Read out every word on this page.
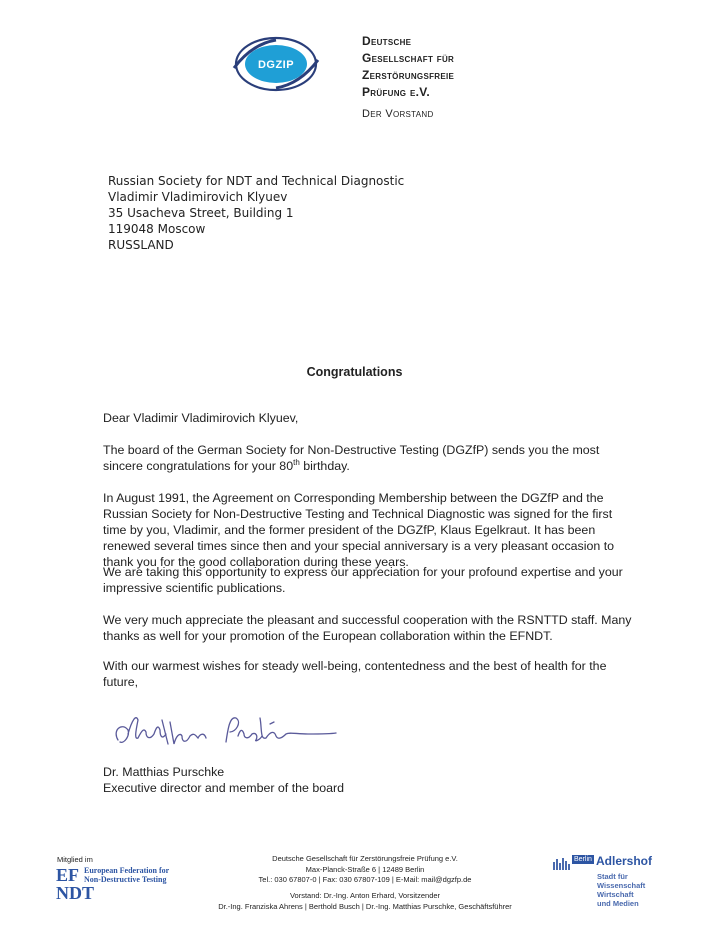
DGZIP
Deutsche
Gesellschaft für
Zerstörungsfreie
Prüfung e.V.
Der Vorstand
Russian Society for NDT and Technical Diagnostic
Vladimir Vladimirovich Klyuev
35 Usacheva Street, Building 1
119048 Moscow
RUSSLAND
Congratulations
Dear Vladimir Vladimirovich Klyuev,

The board of the German Society for Non-Destructive Testing (DGZfP) sends you the most sincere congratulations for your 80th birthday.

In August 1991, the Agreement on Corresponding Membership between the DGZfP and the Russian Society for Non-Destructive Testing and Technical Diagnostic was signed for the first time by you, Vladimir, and the former president of the DGZfP, Klaus Egelkraut. It has been renewed several times since then and your special anniversary is a very pleasant occasion to thank you for the good collaboration during these years.
We are taking this opportunity to express our appreciation for your profound expertise and your impressive scientific publications.
We very much appreciate the pleasant and successful cooperation with the RSNTTD staff. Many thanks as well for your promotion of the European collaboration within the EFNDT.
With our warmest wishes for steady well-being, contentedness and the best of health for the future,
Dr. Matthias Purschke
Executive director and member of the board
Mitglied im
EF
NDT
European Federation for
Non-Destructive Testing
Deutsche Gesellschaft für Zerstörungsfreie Prüfung e.V.
Max-Planck-Straße 6 | 12489 Berlin
Tel.: 030 67807-0 | Fax: 030 67807-109 | E-Mail: mail@dgzfp.de
Vorstand: Dr.-Ing. Anton Erhard, Vorsitzender
Dr.-Ing. Franziska Ahrens | Berthold Busch | Dr.-Ing. Matthias Purschke, Geschäftsführer
Berlin Adlershof
Stadt für
Wissenschaft
Wirtschaft
und Medien
